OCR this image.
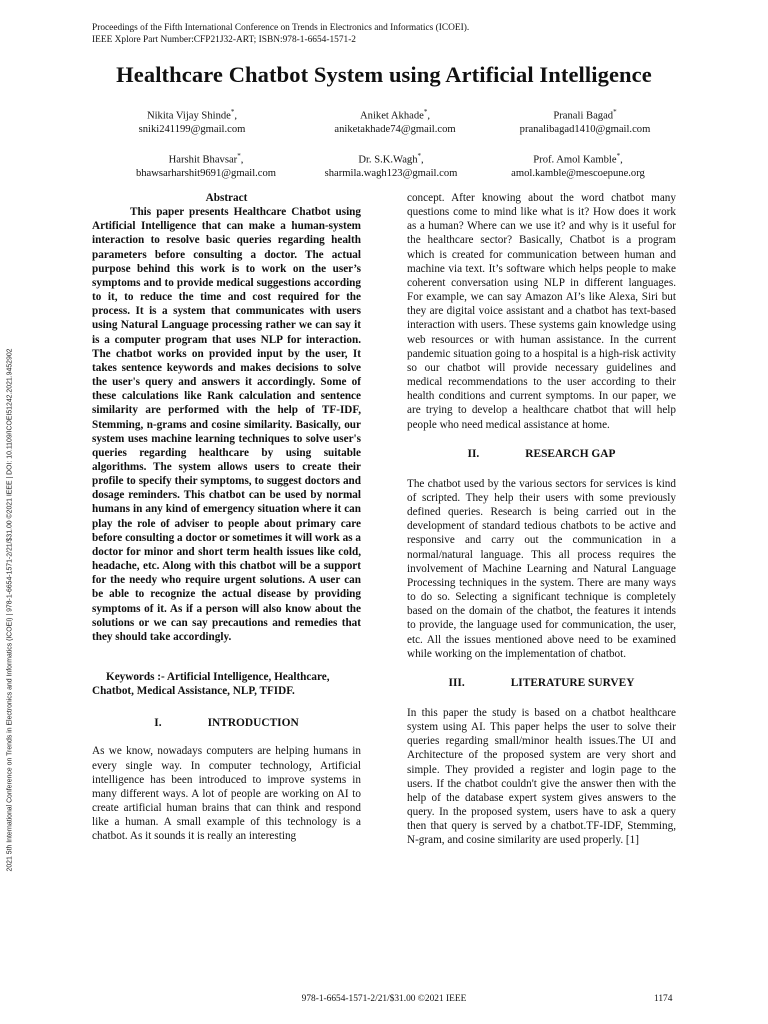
Proceedings of the Fifth International Conference on Trends in Electronics and Informatics (ICOEI).
IEEE Xplore Part Number:CFP21J32-ART; ISBN:978-1-6654-1571-2
Healthcare Chatbot System using Artificial Intelligence
Nikita Vijay Shinde*,
sniki241199@gmail.com
Aniket Akhade*,
aniketakhade74@gmail.com
Pranali Bagad*
pranalibagad1410@gmail.com
Harshit Bhavsar*,
bhawsarharshit9691@gmail.com
Dr. S.K.Wagh*,
sharmila.wagh123@gmail.com
Prof. Amol Kamble*,
amol.kamble@mescoepune.org
2021 5th International Conference on Trends in Electronics and Informatics (ICOEI) | 978-1-6654-1571-2/21/$31.00 ©2021 IEEE | DOI: 10.1109/ICOEI51242.2021.9452902

Abstract

This paper presents Healthcare Chatbot using Artificial Intelligence that can make a human-system interaction to resolve basic queries regarding health parameters before consulting a doctor. The actual purpose behind this work is to work on the user’s symptoms and to provide medical suggestions according to it, to reduce the time and cost required for the process. It is a system that communicates with users using Natural Language processing rather we can say it is a computer program that uses NLP for interaction. The chatbot works on provided input by the user, It takes sentence keywords and makes decisions to solve the user's query and answers it accordingly. Some of these calculations like Rank calculation and sentence similarity are performed with the help of TF-IDF, Stemming, n-grams and cosine similarity. Basically, our system uses machine learning techniques to solve user's queries regarding healthcare by using suitable algorithms. The system allows users to create their profile to specify their symptoms, to suggest doctors and dosage reminders. This chatbot can be used by normal humans in any kind of emergency situation where it can play the role of adviser to people about primary care before consulting a doctor or sometimes it will work as a doctor for minor and short term health issues like cold, headache, etc. Along with this chatbot will be a support for the needy who require urgent solutions. A user can be able to recognize the actual disease by providing symptoms of it. As if a person will also know about the solutions or we can say precautions and remedies that they should take accordingly.

Keywords :- Artificial Intelligence, Healthcare, Chatbot, Medical Assistance, NLP, TFIDF.

I.	INTRODUCTION

As we know, nowadays computers are helping humans in every single way. In computer technology, Artificial intelligence has been introduced to improve systems in many different ways. A lot of people are working on AI to create artificial human brains that can think and respond like a human. A small example of this technology is a chatbot. As it sounds it is really an interesting

concept. After knowing about the word chatbot many questions come to mind like what is it? How does it work as a human? Where can we use it? and why is it useful for the healthcare sector? Basically, Chatbot is a program which is created for communication between human and machine via text. It’s software which helps people to make coherent conversation using NLP in different languages. For example, we can say Amazon AI’s like Alexa, Siri but they are digital voice assistant and a chatbot has text-based interaction with users. These systems gain knowledge using web resources or with human assistance. In the current pandemic situation going to a hospital is a high-risk activity so our chatbot will provide necessary guidelines and medical recommendations to the user according to their health conditions and current symptoms. In our paper, we are trying to develop a healthcare chatbot that will help people who need medical assistance at home.

II.	RESEARCH GAP

The chatbot used by the various sectors for services is kind of scripted. They help their users with some previously defined queries. Research is being carried out in the development of standard tedious chatbots to be active and responsive and carry out the communication in a normal/natural language. This all process requires the involvement of Machine Learning and Natural Language Processing techniques in the system. There are many ways to do so. Selecting a significant technique is completely based on the domain of the chatbot, the features it intends to provide, the language used for communication, the user, etc. All the issues mentioned above need to be examined while working on the implementation of chatbot.

III.	LITERATURE SURVEY

In this paper the study is based on a chatbot healthcare system using AI. This paper helps the user to solve their queries regarding small/minor health issues.The UI and Architecture of the proposed system are very short and simple. They provided a register and login page to the users. If the chatbot couldn't give the answer then with the help of the database expert system gives answers to the query. In the proposed system, users have to ask a query then that query is served by a chatbot.TF-IDF, Stemming, N-gram, and cosine similarity are used properly. [1]

978-1-6654-1571-2/21/$31.00 ©2021 IEEE	1174
